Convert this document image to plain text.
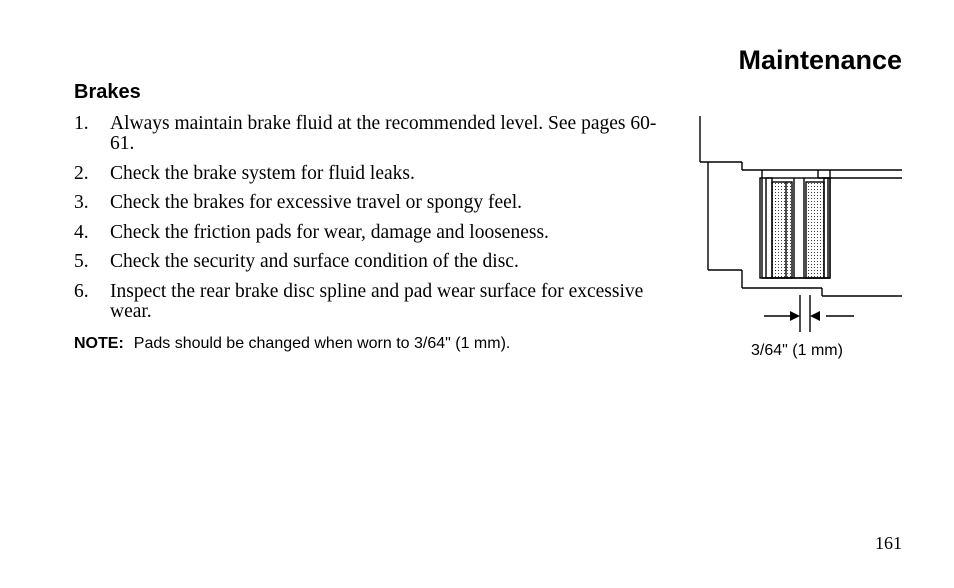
Maintenance
Brakes
1.	Always maintain brake fluid at the recommended level. See pages 60-61.
2.	Check the brake system for fluid leaks.
3.	Check the brakes for excessive travel or spongy feel.
4.	Check the friction pads for wear, damage and looseness.
5.	Check the security and surface condition of the disc.
6.	Inspect the rear brake disc spline and pad wear surface for excessive wear.
NOTE: Pads should be changed when worn to 3/64" (1 mm).	3/64" (1 mm)
161
